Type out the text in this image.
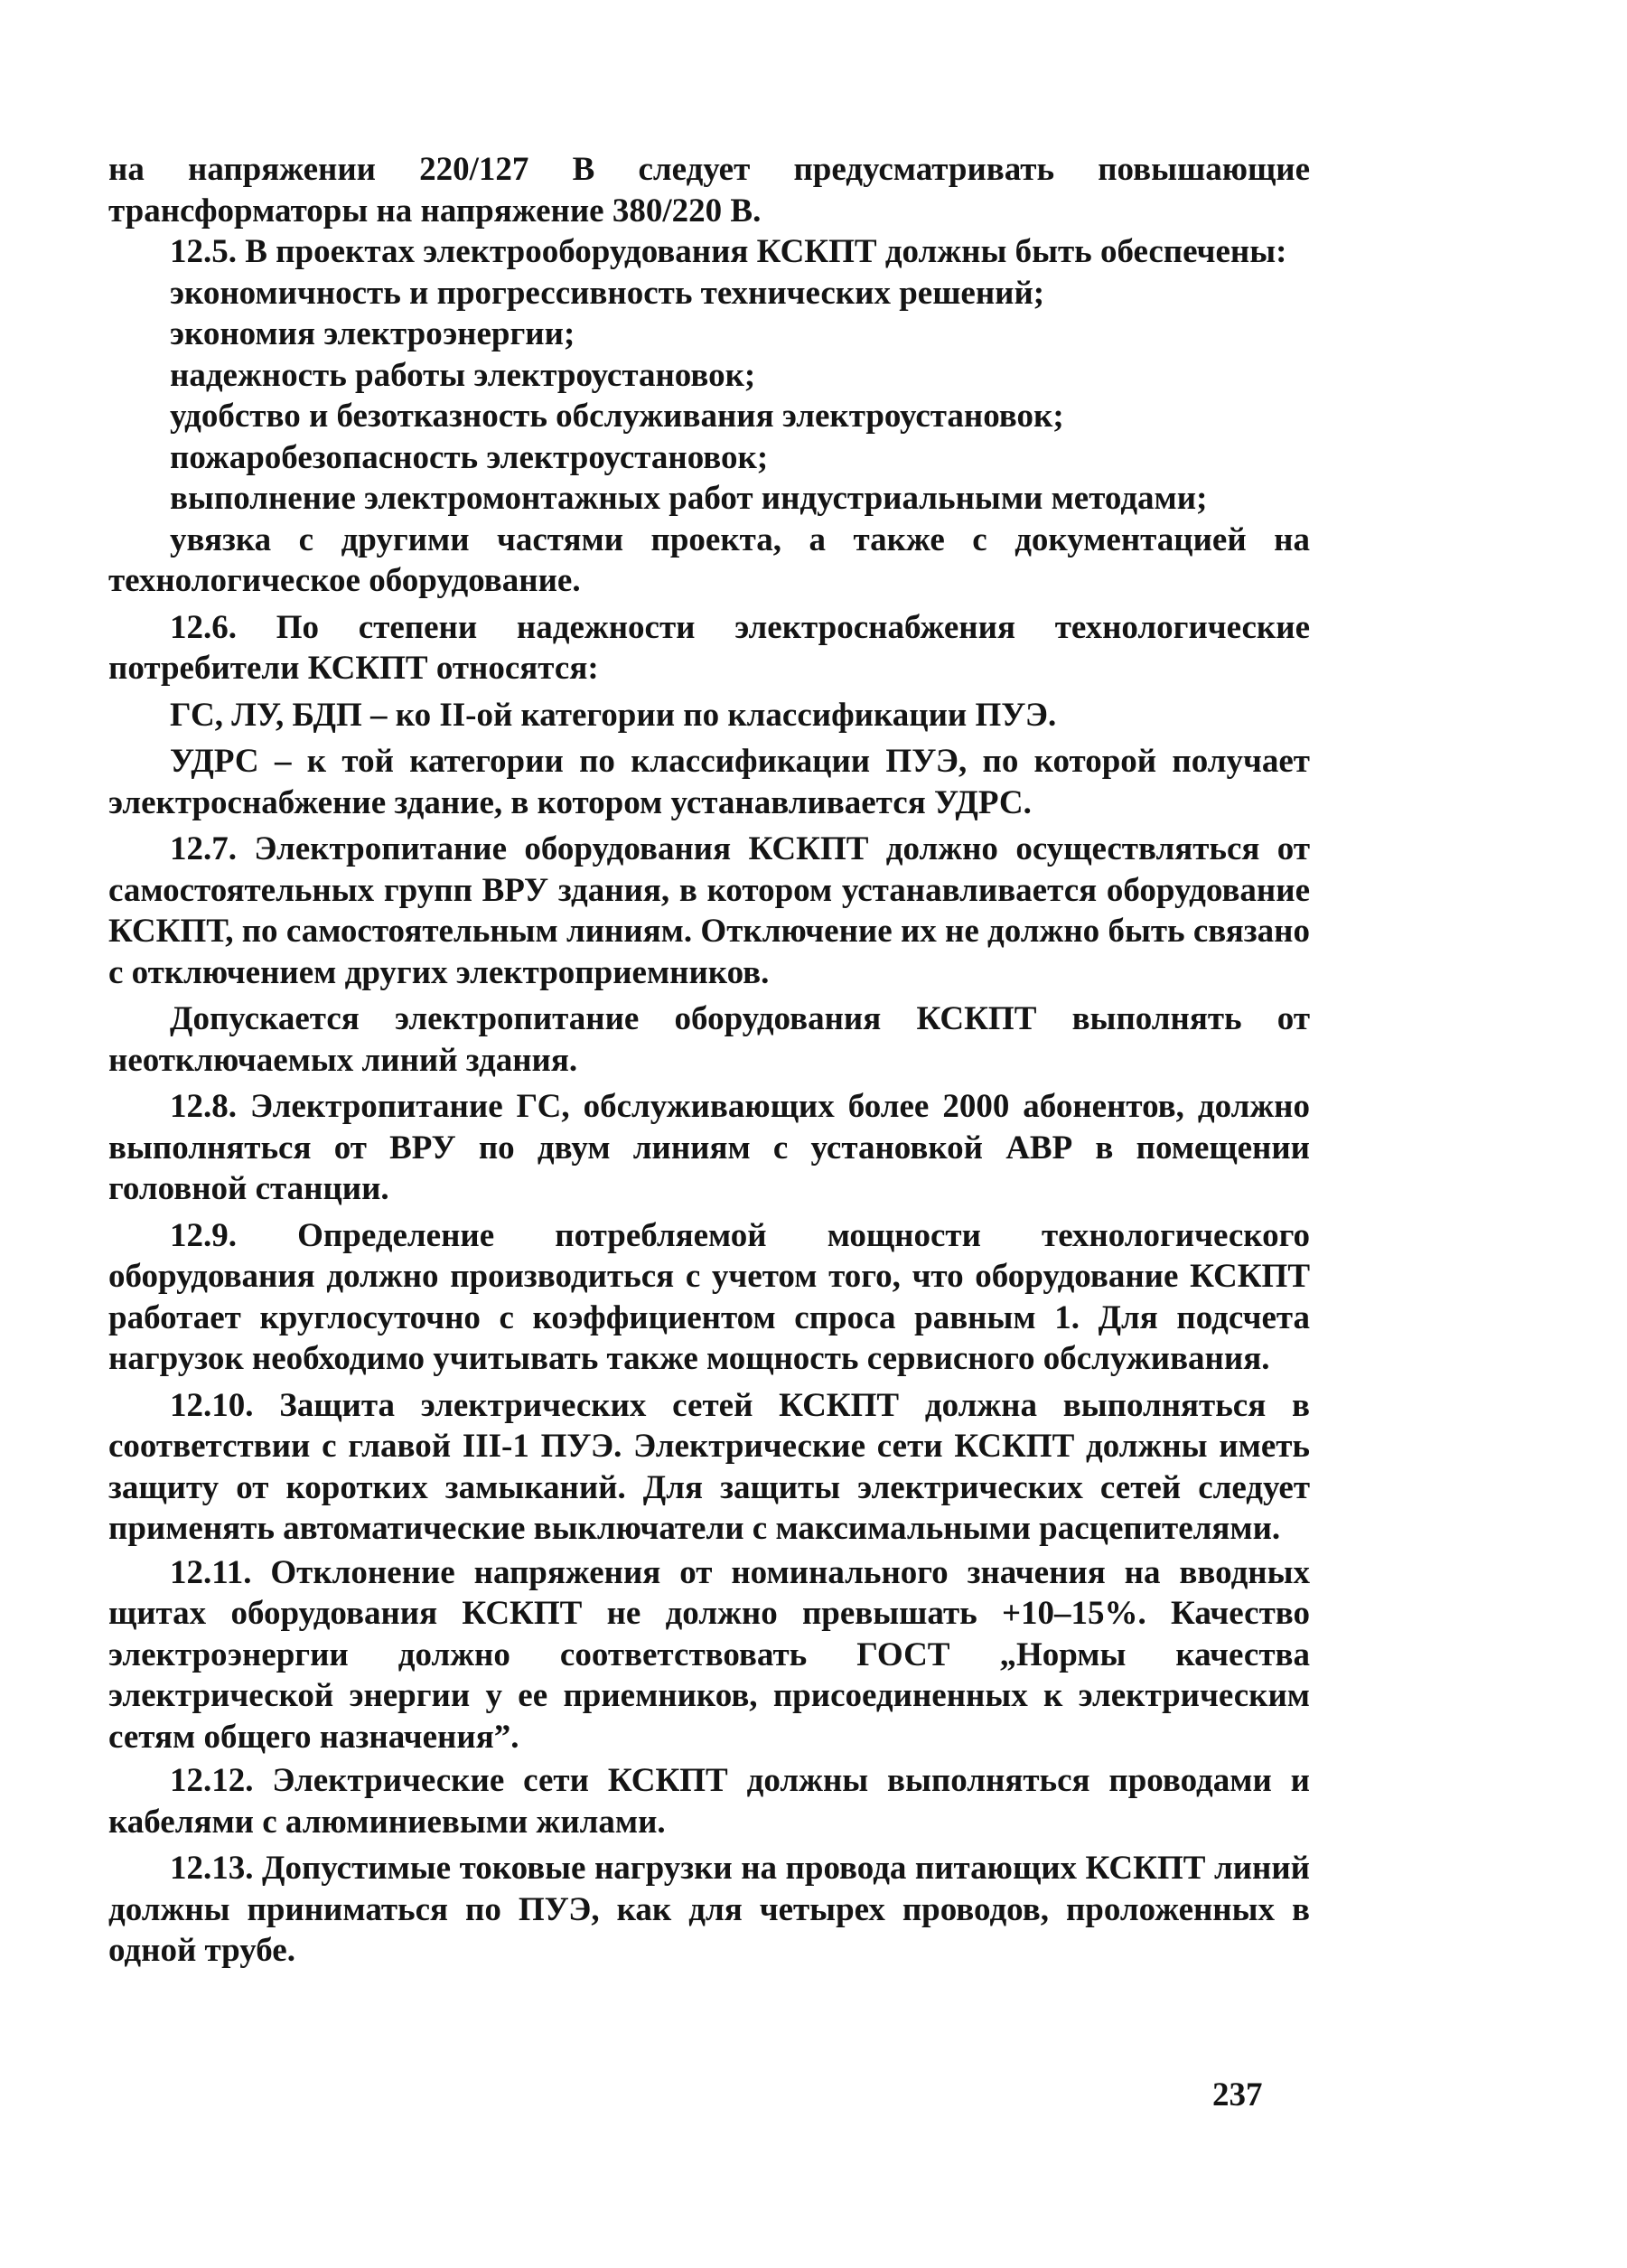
на напряжении 220/127 В следует предусматривать повышающие трансформаторы на напряжение 380/220 В.

12.5. В проектах электрооборудования КСКПТ должны быть обеспечены:

экономичность и прогрессивность технических решений;

экономия электроэнергии;

надежность работы электроустановок;

удобство и безотказность обслуживания электроустановок;

пожаробезопасность электроустановок;

выполнение электромонтажных работ индустриальными методами;

увязка с другими частями проекта, а также с документацией на технологическое оборудование.

12.6. По степени надежности электроснабжения технологические потребители КСКПТ относятся:

ГС, ЛУ, БДП – ко II-ой категории по классификации ПУЭ.

УДРС – к той категории по классификации ПУЭ, по которой получает электроснабжение здание, в котором устанавливается УДРС.

12.7. Электропитание оборудования КСКПТ должно осуществляться от самостоятельных групп ВРУ здания, в котором устанавливается оборудование КСКПТ, по самостоятельным линиям. Отключение их не должно быть связано с отключением других электроприемников.

Допускается электропитание оборудования КСКПТ выполнять от неотключаемых линий здания.

12.8. Электропитание ГС, обслуживающих более 2000 абонентов, должно выполняться от ВРУ по двум линиям с установкой АВР в помещении головной станции.

12.9. Определение потребляемой мощности технологического оборудования должно производиться с учетом того, что оборудование КСКПТ работает круглосуточно с коэффициентом спроса равным 1. Для подсчета нагрузок необходимо учитывать также мощность сервисного обслуживания.

12.10. Защита электрических сетей КСКПТ должна выполняться в соответствии с главой III-1 ПУЭ. Электрические сети КСКПТ должны иметь защиту от коротких замыканий. Для защиты электрических сетей следует применять автоматические выключатели с максимальными расцепителями.

12.11. Отклонение напряжения от номинального значения на вводных щитах оборудования КСКПТ не должно превышать +10–15%. Качество электроэнергии должно соответствовать ГОСТ „Нормы качества электрической энергии у ее приемников, присоединенных к электрическим сетям общего назначения”.

12.12. Электрические сети КСКПТ должны выполняться проводами и кабелями с алюминиевыми жилами.

12.13. Допустимые токовые нагрузки на провода питающих КСКПТ линий должны приниматься по ПУЭ, как для четырех проводов, проложенных в одной трубе.

237
